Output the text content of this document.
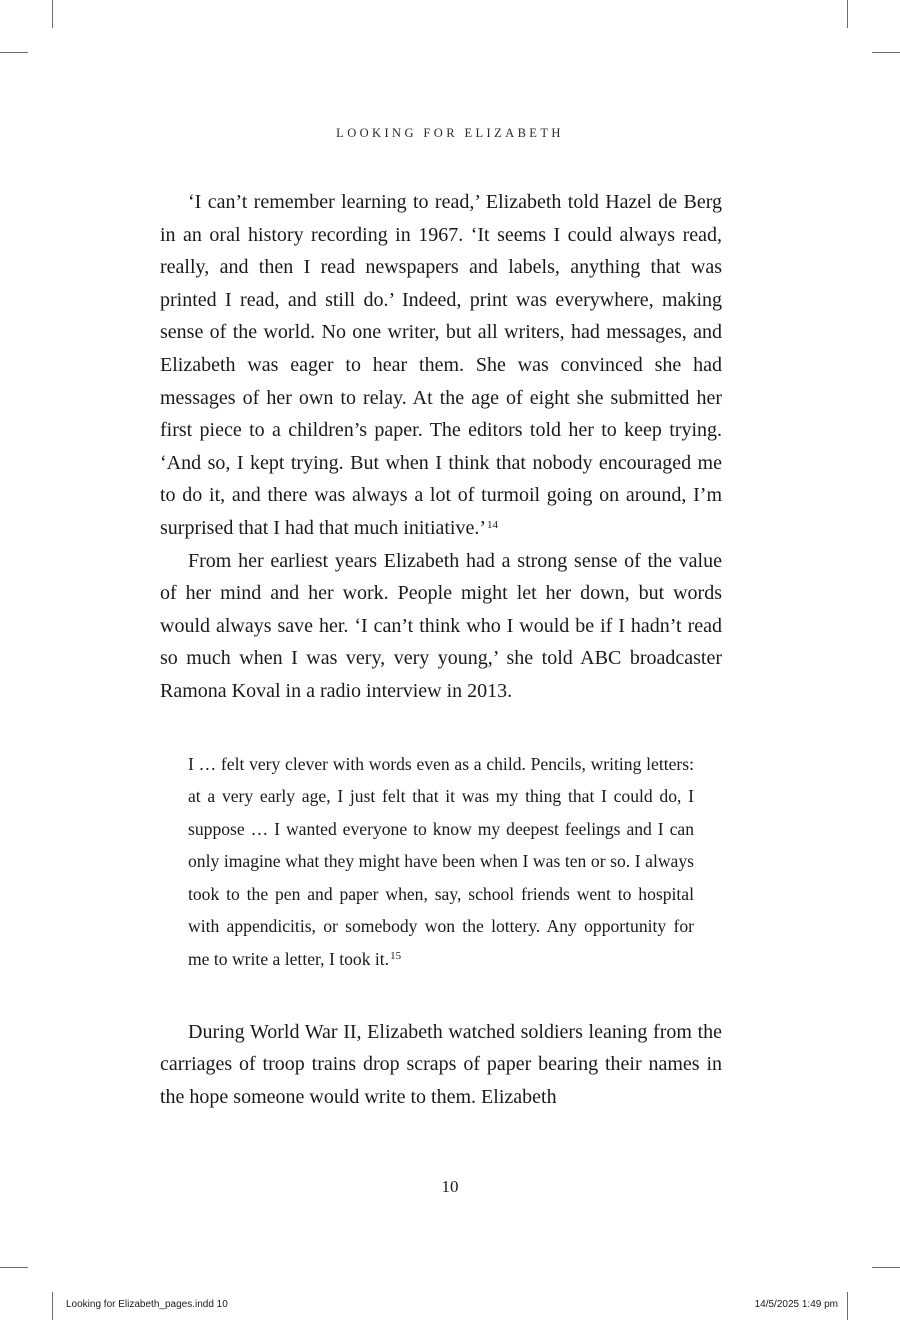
LOOKING FOR ELIZABETH

‘I can’t remember learning to read,’ Elizabeth told Hazel de Berg in an oral history recording in 1967. ‘It seems I could always read, really, and then I read newspapers and labels, anything that was printed I read, and still do.’ Indeed, print was everywhere, making sense of the world. No one writer, but all writers, had messages, and Elizabeth was eager to hear them. She was convinced she had messages of her own to relay. At the age of eight she submitted her first piece to a children’s paper. The editors told her to keep trying. ‘And so, I kept trying. But when I think that nobody encouraged me to do it, and there was always a lot of turmoil going on around, I’m surprised that I had that much initiative.’$^{14}$

From her earliest years Elizabeth had a strong sense of the value of her mind and her work. People might let her down, but words would always save her. ‘I can’t think who I would be if I hadn’t read so much when I was very, very young,’ she told ABC broadcaster Ramona Koval in a radio interview in 2013.

I … felt very clever with words even as a child. Pencils, writing letters: at a very early age, I just felt that it was my thing that I could do, I suppose … I wanted everyone to know my deepest feelings and I can only imagine what they might have been when I was ten or so. I always took to the pen and paper when, say, school friends went to hospital with appendicitis, or somebody won the lottery. Any opportunity for me to write a letter, I took it.$^{15}$

During World War II, Elizabeth watched soldiers leaning from the carriages of troop trains drop scraps of paper bearing their names in the hope someone would write to them. Elizabeth

10
Looking for Elizabeth_pages.indd 10	14/5/2025 1:49 pm
